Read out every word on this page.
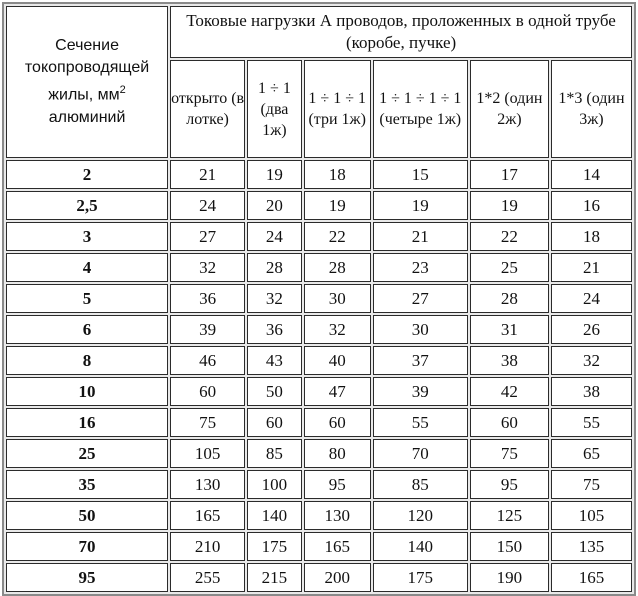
Сечение
токопроводящей
жилы, $мм^2$
алюминий	Токовые нагрузки А проводов, проложенных в одной трубе (коробе, пучке)					
	открыто (в лотке)	1 ÷ 1 (два 1ж)	1 ÷ 1 ÷ 1 (три 1ж)	1 ÷ 1 ÷ 1 ÷ 1 (четыре 1ж)	1*2 (один 2ж)	1*3 (один 3ж)
2	21	19	18	15	17	14
2,5	24	20	19	19	19	16
3	27	24	22	21	22	18
4	32	28	28	23	25	21
5	36	32	30	27	28	24
6	39	36	32	30	31	26
8	46	43	40	37	38	32
10	60	50	47	39	42	38
16	75	60	60	55	60	55
25	105	85	80	70	75	65
35	130	100	95	85	95	75
50	165	140	130	120	125	105
70	210	175	165	140	150	135
95	255	215	200	175	190	165
